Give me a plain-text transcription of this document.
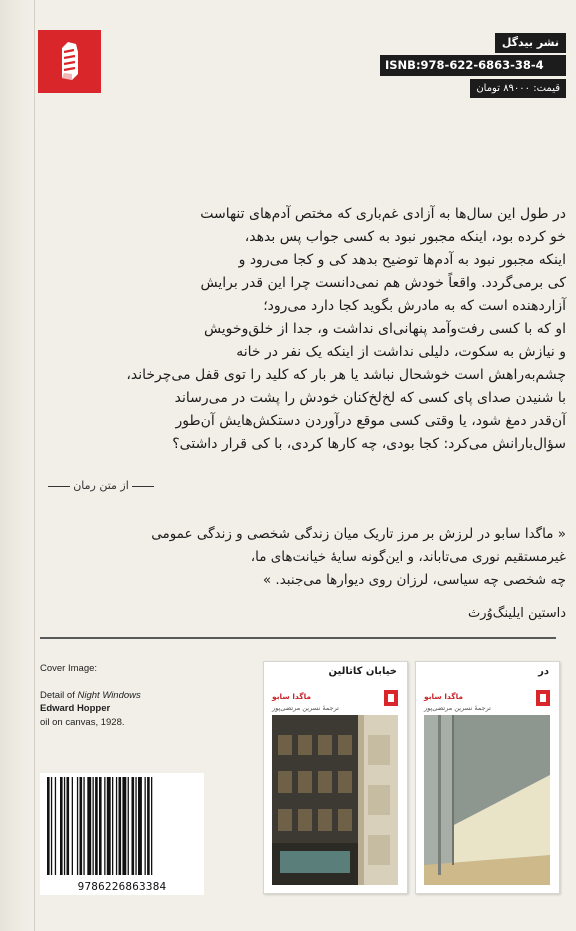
نشر بیدگل
ISNB:978-622-6863-38-4
قیمت: ۸۹۰۰۰ تومان
در طول این سال‌ها به آزادی غم‌باری که مختص آدم‌های تنهاست
خو کرده بود، اینکه مجبور نبود به کسی جواب پس بدهد،
اینکه مجبور نبود به آدم‌ها توضیح بدهد کی و کجا می‌رود و
کی برمی‌گردد. واقعاً خودش هم نمی‌دانست چرا این قدر برایش
آزاردهنده است که به مادرش بگوید کجا دارد می‌رود؛
او که با کسی رفت‌وآمد پنهانی‌ای نداشت و، جدا از خلق‌وخویش
و نیازش به سکوت، دلیلی نداشت از اینکه یک نفر در خانه
چشم‌به‌راهش است خوشحال نباشد یا هر بار که کلید را توی قفل می‌چرخاند،
با شنیدن صدای پای کسی که لخ‌لخ‌کنان خودش را پشت در می‌رساند
آن‌قدر دمغ شود، یا وقتی کسی موقع درآوردن دستکش‌هایش آن‌طور
سؤال‌بارانش می‌کرد: کجا بودی، چه کارها کردی، با کی قرار داشتی؟
از متن رمان
« ماگدا سابو در لرزش بر مرز تاریک میان زندگی شخصی و زندگی عمومی
غیرمستقیم نوری می‌تاباند، و این‌گونه سایهٔ خیانت‌های ما،
چه شخصی چه سیاسی، لرزان روی دیوارها می‌جنبد. »
داستین ایلینگ‌وُرث
Cover Image:
Detail of Night Windows
Edward Hopper
oil on canvas, 1928.
9786226863384
خیابان کاتالین
ماگدا سابو
ترجمهٔ نسرین مرتضی‌پور
در
ماگدا سابو
ترجمهٔ نسرین مرتضی‌پور
